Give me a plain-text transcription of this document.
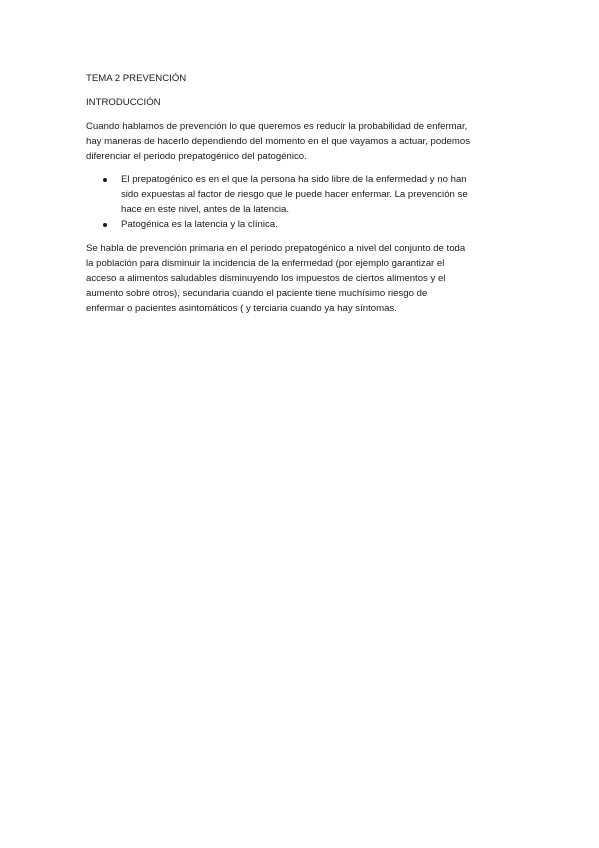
TEMA 2 PREVENCIÓN
INTRODUCCIÓN

Cuando hablamos de prevención lo que queremos es reducir la probabilidad de enfermar,
hay maneras de hacerlo dependiendo del momento en el que vayamos a actuar, podemos
diferenciar el periodo prepatogénico del patogénico.

El prepatogénico es en el que la persona ha sido libre de la enfermedad y no han
sido expuestas al factor de riesgo que le puede hacer enfermar. La prevención se
hace en este nivel, antes de la latencia.
Patogénica es la latencia y la clínica.

Se habla de prevención primaria en el periodo prepatogénico a nivel del conjunto de toda
la población para disminuir la incidencia de la enfermedad (por ejemplo garantizar el
acceso a alimentos saludables disminuyendo los impuestos de ciertos alimentos y el
aumento sobre otros), secundaria cuando el paciente tiene muchísimo riesgo de
enfermar o pacientes asintomáticos ( y terciaria cuando ya hay síntomas.
